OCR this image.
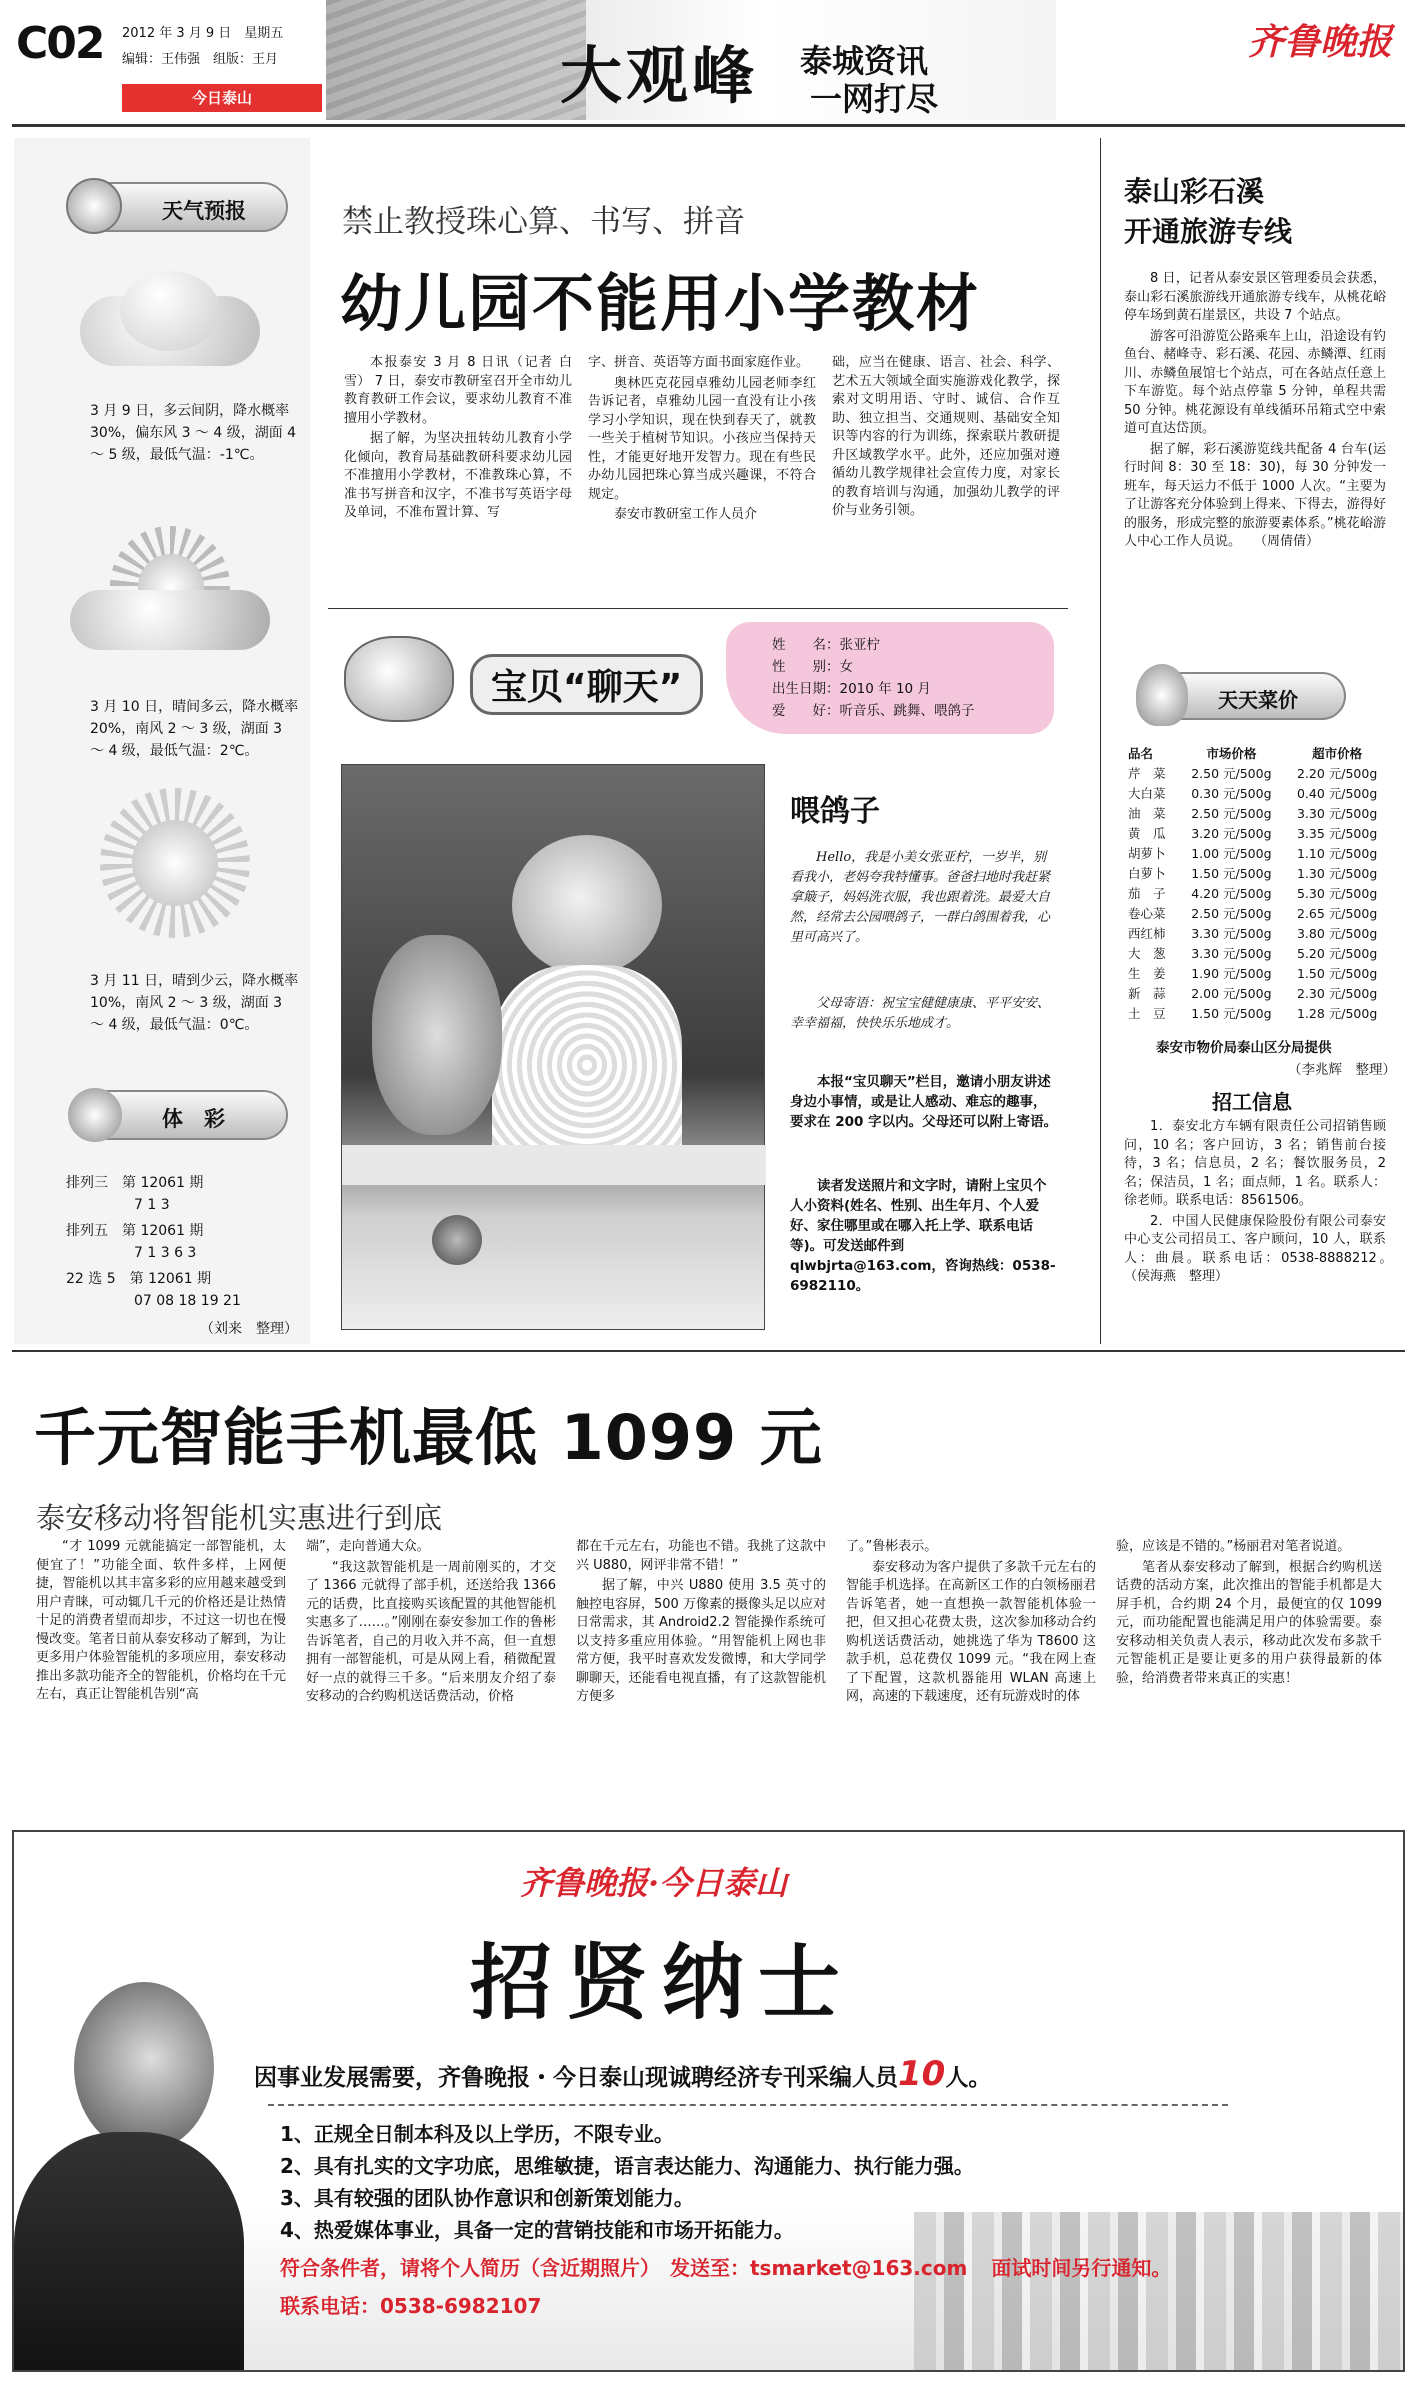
C02 2012 年 3 月 9 日　星期五
编辑：王伟强　组版：王月
今日泰山	大观峰 泰城资讯
一网打尽
齐鲁晚报
天气预报
3 月 9 日，多云间阴，降水概率 30%，偏东风 3 ～ 4 级，湖面 4 ～ 5 级，最低气温：-1℃。
3 月 10 日，晴间多云，降水概率 20%，南风 2 ～ 3 级，湖面 3 ～ 4 级，最低气温：2℃。
3 月 11 日，晴到少云，降水概率 10%，南风 2 ～ 3 级，湖面 3 ～ 4 级，最低气温：0℃。
体　彩
排列三　第 12061 期
7 1 3
排列五　第 12061 期
7 1 3 6 3
22 选 5　第 12061 期
07 08 18 19 21
（刘来　整理）
禁止教授珠心算、书写、拼音
幼儿园不能用小学教材

本报泰安 3 月 8 日讯（记者 白雪） 7 日，泰安市教研室召开全市幼儿教育教研工作会议，要求幼儿教育不准擅用小学教材。

据了解，为坚决扭转幼儿教育小学化倾向，教育局基础教研科要求幼儿园不准擅用小学教材，不准教珠心算，不准书写拼音和汉字，不准书写英语字母及单词，不准布置计算、写

字、拼音、英语等方面书面家庭作业。

奥林匹克花园卓雅幼儿园老师李红告诉记者，卓雅幼儿园一直没有让小孩学习小学知识，现在快到春天了，就教一些关于植树节知识。小孩应当保持天性，才能更好地开发智力。现在有些民办幼儿园把珠心算当成兴趣课，不符合规定。

泰安市教研室工作人员介

础，应当在健康、语言、社会、科学、艺术五大领域全面实施游戏化教学，探索对文明用语、守时、诚信、合作互助、独立担当、交通规则、基础安全知识等内容的行为训练，探索联片教研提升区域教学水平。此外，还应加强对遵循幼儿教学规律社会宣传力度，对家长的教育培训与沟通，加强幼儿教学的评价与业务引领。

宝贝“聊天”
姓　　名：张亚柠
性　　别：女
出生日期：2010 年 10 月
爱　　好：听音乐、跳舞、喂鸽子
喂鸽子
Hello，我是小美女张亚柠，一岁半，别看我小，老妈夸我特懂事。爸爸扫地时我赶紧拿簸子，妈妈洗衣服，我也跟着洗。最爱大自然，经常去公园喂鸽子，一群白鸽围着我，心里可高兴了。
父母寄语：祝宝宝健健康康、平平安安、幸幸福福，快快乐乐地成才。
本报“宝贝聊天”栏目，邀请小朋友讲述身边小事情，或是让人感动、难忘的趣事，要求在 200 字以内。父母还可以附上寄语。
读者发送照片和文字时，请附上宝贝个人小资料(姓名、性别、出生年月、个人爱好、家住哪里或在哪入托上学、联系电话等)。可发送邮件到 qlwbjrta@163.com，咨询热线：0538-6982110。
泰山彩石溪
开通旅游专线

8 日，记者从泰安景区管理委员会获悉，泰山彩石溪旅游线开通旅游专线车，从桃花峪停车场到黄石崖景区，共设 7 个站点。

游客可沿游览公路乘车上山，沿途设有钓鱼台、赭峰寺、彩石溪、花园、赤鳞潭、红雨川、赤鳞鱼展馆七个站点，可在各站点任意上下车游览。每个站点停靠 5 分钟，单程共需 50 分钟。桃花源设有单线循环吊箱式空中索道可直达岱顶。

据了解，彩石溪游览线共配备 4 台车(运行时间 8：30 至 18：30)，每 30 分钟发一班车，每天运力不低于 1000 人次。“主要为了让游客充分体验到上得来、下得去，游得好的服务，形成完整的旅游要素体系。”桃花峪游人中心工作人员说。　　（周倩倩）

天天菜价
品名	市场价格	超市价格
芹　菜	2.50 元/500g	2.20 元/500g
大白菜	0.30 元/500g	0.40 元/500g
油　菜	2.50 元/500g	3.30 元/500g
黄　瓜	3.20 元/500g	3.35 元/500g
胡萝卜	1.00 元/500g	1.10 元/500g
白萝卜	1.50 元/500g	1.30 元/500g
茄　子	4.20 元/500g	5.30 元/500g
卷心菜	2.50 元/500g	2.65 元/500g
西红柿	3.30 元/500g	3.80 元/500g
大　葱	3.30 元/500g	5.20 元/500g
生　姜	1.90 元/500g	1.50 元/500g
新　蒜	2.00 元/500g	2.30 元/500g
土　豆	1.50 元/500g	1.28 元/500g
泰安市物价局泰山区分局提供
（李兆辉　整理）
招工信息

1．泰安北方车辆有限责任公司招销售顾问，10 名；客户回访，3 名；销售前台接待，3 名；信息员，2 名；餐饮服务员，2 名；保洁员，1 名；面点师，1 名。联系人：徐老师。联系电话：8561506。

2．中国人民健康保险股份有限公司泰安中心支公司招员工、客户顾问，10 人，联系人：曲晨。联系电话：0538-8888212。　　（侯海燕　整理）

千元智能手机最低 1099 元
泰安移动将智能机实惠进行到底

“才 1099 元就能搞定一部智能机，太便宜了！”功能全面、软件多样，上网便捷，智能机以其丰富多彩的应用越来越受到用户青睐，可动辄几千元的价格还是让热情十足的消费者望而却步，不过这一切也在慢慢改变。笔者日前从泰安移动了解到，为让更多用户体验智能机的多项应用，泰安移动推出多款功能齐全的智能机，价格均在千元左右，真正让智能机告别“高

端”，走向普通大众。

“我这款智能机是一周前刚买的，才交了 1366 元就得了部手机，还送给我 1366 元的话费，比直接购买该配置的其他智能机实惠多了……。”刚刚在泰安参加工作的鲁彬告诉笔者，自己的月收入并不高，但一直想拥有一部智能机，可是从网上看，稍微配置好一点的就得三千多。“后来朋友介绍了泰安移动的合约购机送话费活动，价格

都在千元左右，功能也不错。我挑了这款中兴 U880，网评非常不错！”

据了解，中兴 U880 使用 3.5 英寸的触控电容屏，500 万像素的摄像头足以应对日常需求，其 Android2.2 智能操作系统可以支持多重应用体验。“用智能机上网也非常方便，我平时喜欢发发微博，和大学同学聊聊天，还能看电视直播，有了这款智能机方便多

了。”鲁彬表示。

泰安移动为客户提供了多款千元左右的智能手机选择。在高新区工作的白领杨丽君告诉笔者，她一直想换一款智能机体验一把，但又担心花费太贵，这次参加移动合约购机送话费活动，她挑选了华为 T8600 这款手机，总花费仅 1099 元。“我在网上查了下配置，这款机器能用 WLAN 高速上网，高速的下载速度，还有玩游戏时的体

验，应该是不错的。”杨丽君对笔者说道。

笔者从泰安移动了解到，根据合约购机送话费的活动方案，此次推出的智能手机都是大屏手机，合约期 24 个月，最便宜的仅 1099 元，而功能配置也能满足用户的体验需要。泰安移动相关负责人表示，移动此次发布多款千元智能机正是要让更多的用户获得最新的体验，给消费者带来真正的实惠！

齐鲁晚报·今日泰山
招贤纳士
因事业发展需要，齐鲁晚报・今日泰山现诚聘经济专刊采编人员10人。
1、正规全日制本科及以上学历，不限专业。
2、具有扎实的文字功底，思维敏捷，语言表达能力、沟通能力、执行能力强。
3、具有较强的团队协作意识和创新策划能力。
4、热爱媒体事业，具备一定的营销技能和市场开拓能力。
符合条件者，请将个人简历（含近期照片）　发送至：tsmarket@163.com 面试时间另行通知。
联系电话：0538-6982107
